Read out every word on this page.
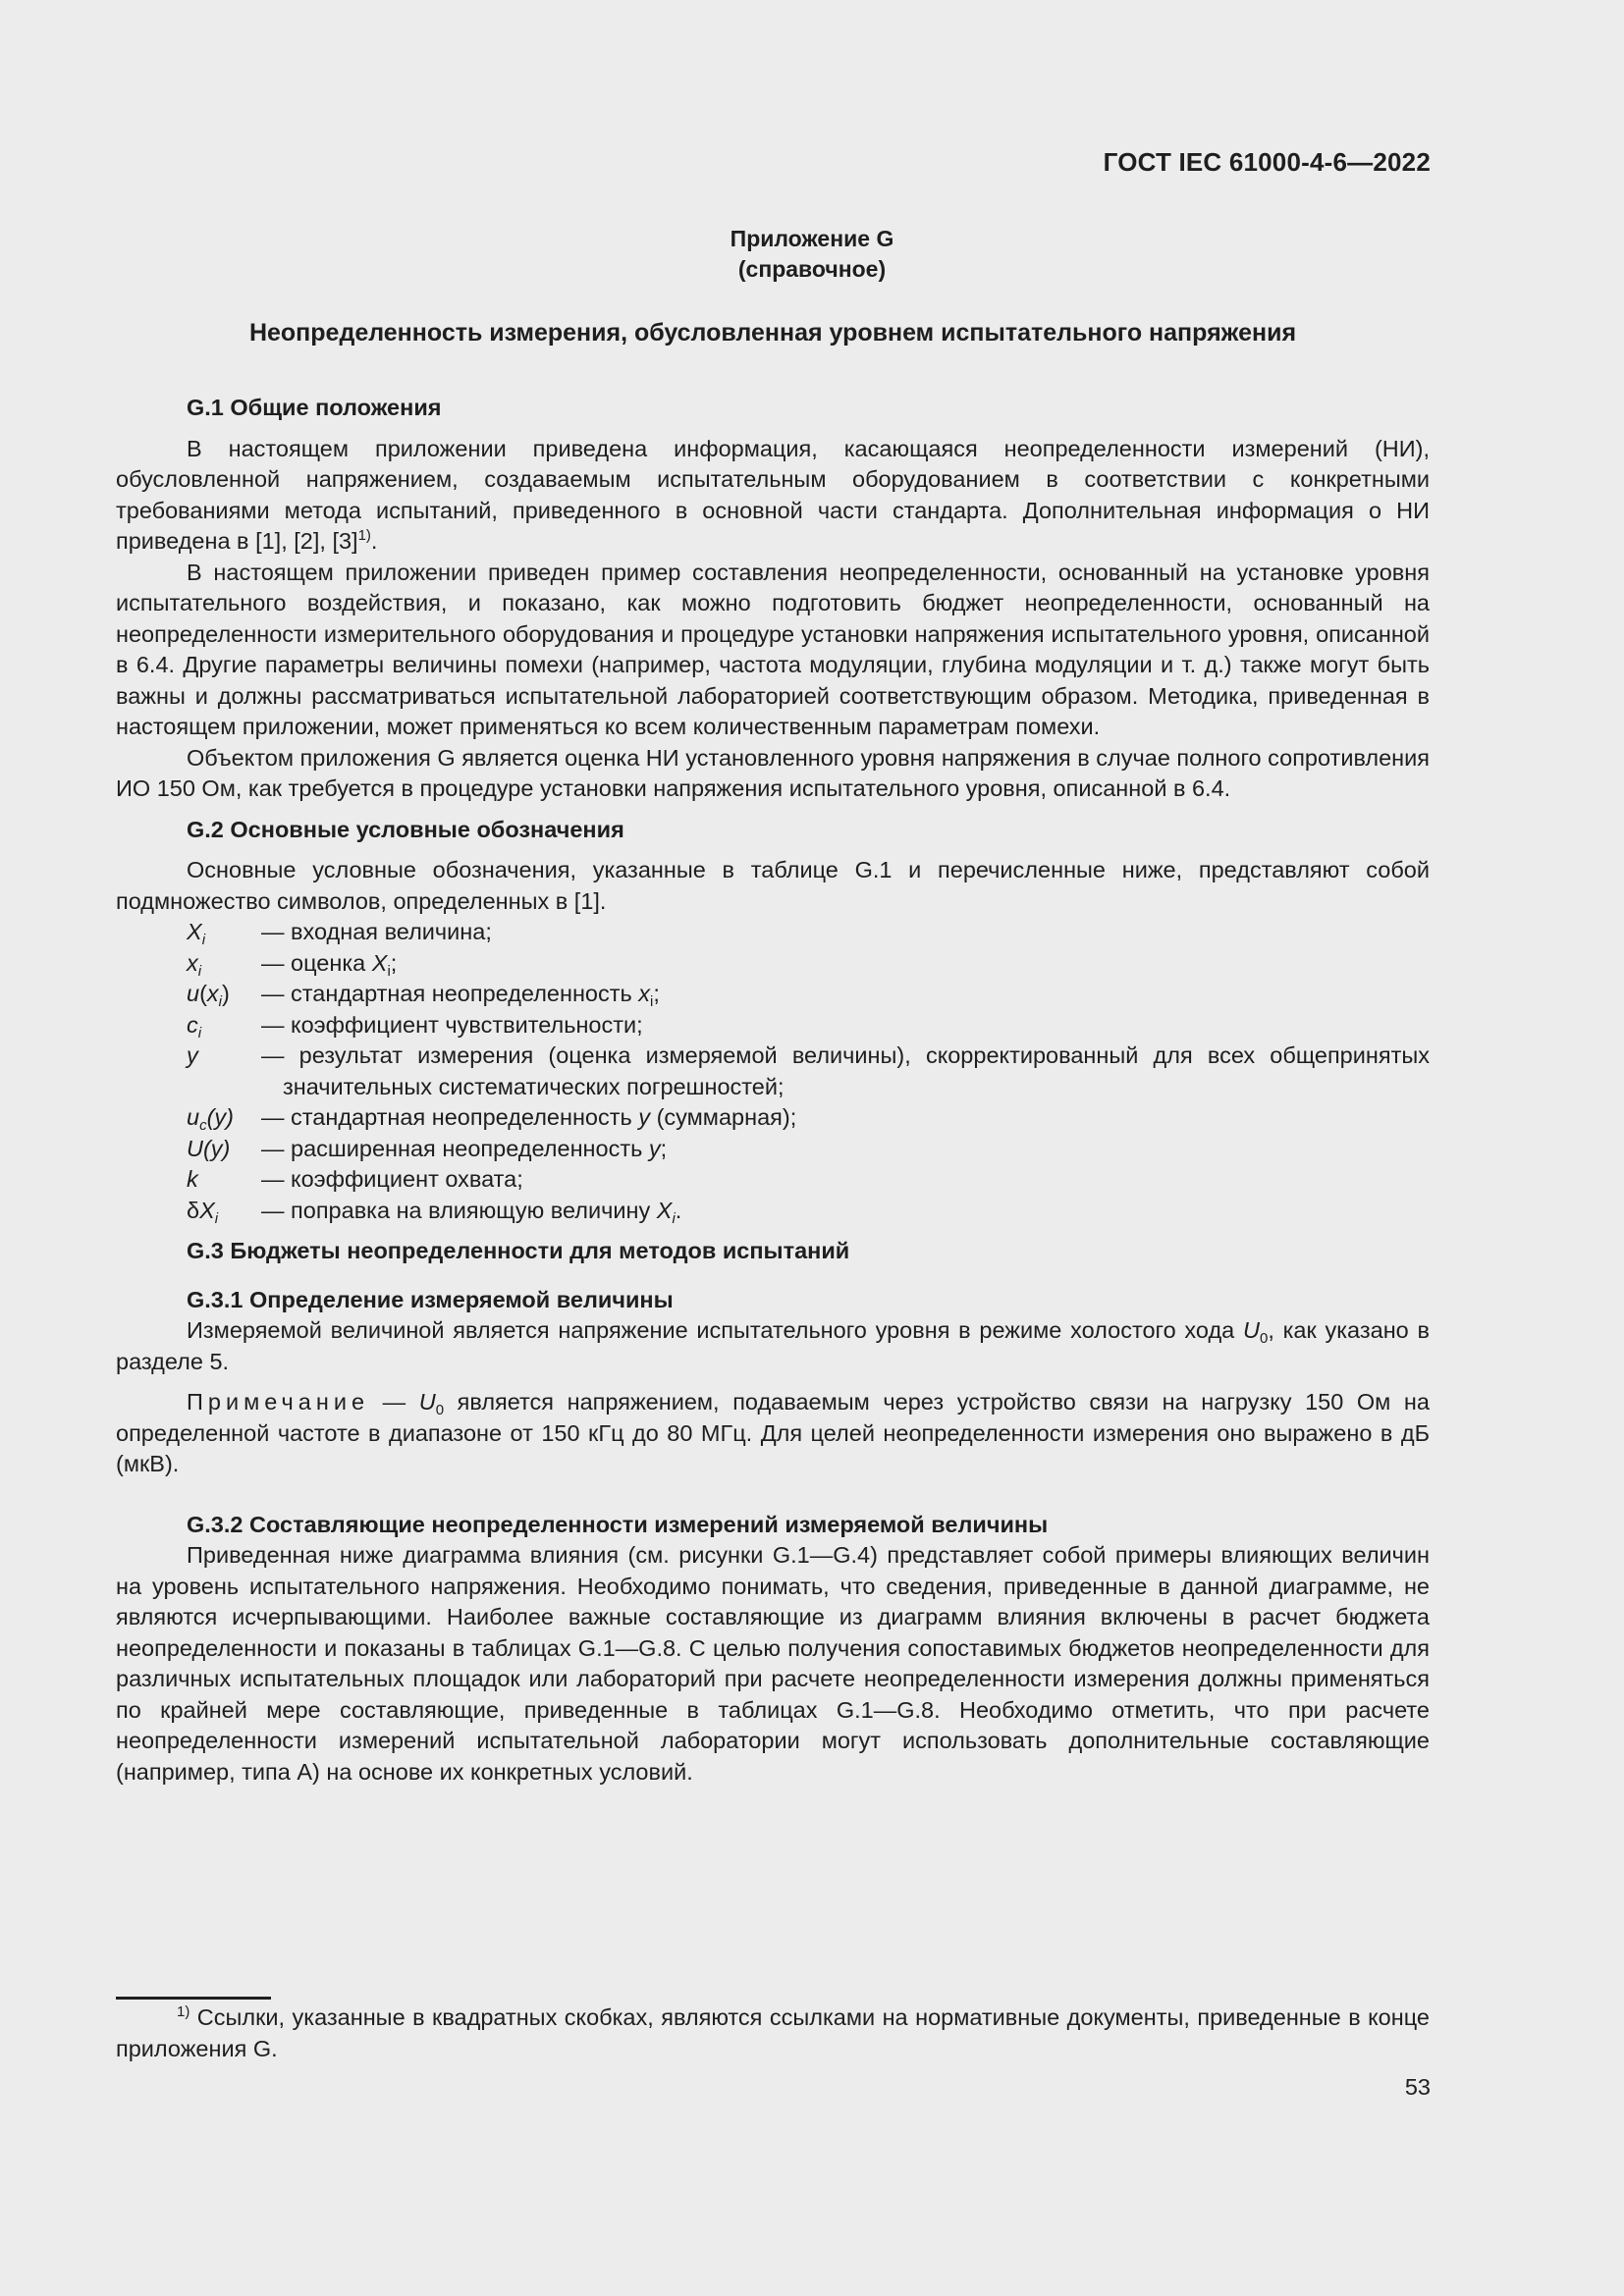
ГОСТ IEC 61000-4-6—2022
Приложение G
(справочное)
Неопределенность измерения, обусловленная уровнем испытательного напряжения
G.1 Общие положения

В настоящем приложении приведена информация, касающаяся неопределенности измерений (НИ), обусловленной напряжением, создаваемым испытательным оборудованием в соответствии с конкретными требованиями метода испытаний, приведенного в основной части стандарта. Дополнительная информация о НИ приведена в [1], [2], $[3]^{1)}$.

В настоящем приложении приведен пример составления неопределенности, основанный на установке уровня испытательного воздействия, и показано, как можно подготовить бюджет неопределенности, основанный на неопределенности измерительного оборудования и процедуре установки напряжения испытательного уровня, описанной в 6.4. Другие параметры величины помехи (например, частота модуляции, глубина модуляции и т. д.) также могут быть важны и должны рассматриваться испытательной лабораторией соответствующим образом. Методика, приведенная в настоящем приложении, может применяться ко всем количественным параметрам помехи.

Объектом приложения G является оценка НИ установленного уровня напряжения в случае полного сопротивления ИО 150 Ом, как требуется в процедуре установки напряжения испытательного уровня, описанной в 6.4.

G.2 Основные условные обозначения

Основные условные обозначения, указанные в таблице G.1 и перечисленные ниже, представляют собой подмножество символов, определенных в [1].

$X_i$	— входная величина;
$x_i$	— оценка $X_i$;
$u(x_i)$	— стандартная неопределенность $x_i$;
$c_i$	— коэффициент чувствительности;
y	— результат измерения (оценка измеряемой величины), скорректированный для всех общепринятых значительных систематических погрешностей;
$u_c(y)$	— стандартная неопределенность y (суммарная);
U(y)	— расширенная неопределенность y;
k	— коэффициент охвата;
$\delta X_i$	— поправка на влияющую величину $X_i$.
G.3 Бюджеты неопределенности для методов испытаний
G.3.1 Определение измеряемой величины

Измеряемой величиной является напряжение испытательного уровня в режиме холостого хода $U_0$, как указано в разделе 5.

Примечание — $U_0$ является напряжением, подаваемым через устройство связи на нагрузку 150 Ом на определенной частоте в диапазоне от 150 кГц до 80 МГц. Для целей неопределенности измерения оно выражено в дБ (мкВ).

G.3.2 Составляющие неопределенности измерений измеряемой величины

Приведенная ниже диаграмма влияния (см. рисунки G.1—G.4) представляет собой примеры влияющих величин на уровень испытательного напряжения. Необходимо понимать, что сведения, приведенные в данной диаграмме, не являются исчерпывающими. Наиболее важные составляющие из диаграмм влияния включены в расчет бюджета неопределенности и показаны в таблицах G.1—G.8. С целью получения сопоставимых бюджетов неопределенности для различных испытательных площадок или лабораторий при расчете неопределенности измерения должны применяться по крайней мере составляющие, приведенные в таблицах G.1—G.8. Необходимо отметить, что при расчете неопределенности измерений испытательной лаборатории могут использовать дополнительные составляющие (например, типа А) на основе их конкретных условий.

$^{1)}$ Ссылки, указанные в квадратных скобках, являются ссылками на нормативные документы, приведенные в конце приложения G.
53
